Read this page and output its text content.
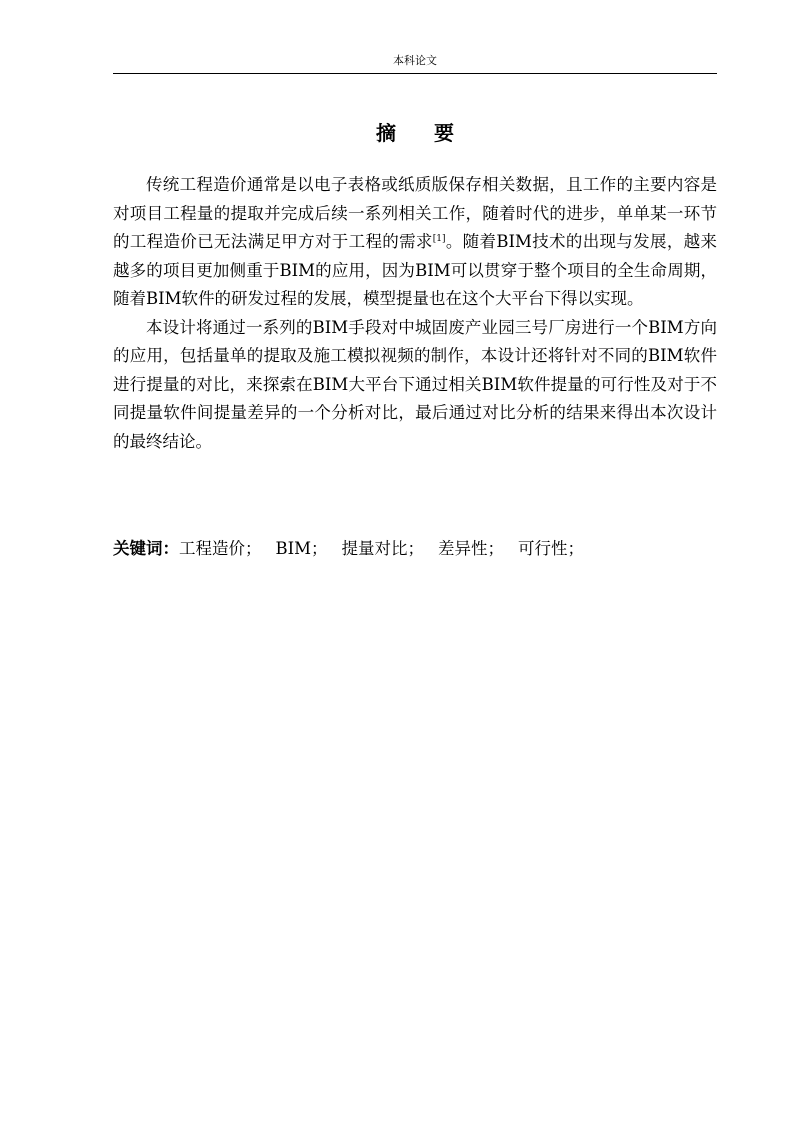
本科论文
摘 要

传统工程造价通常是以电子表格或纸质版保存相关数据，且工作的主要内容是对项目工程量的提取并完成后续一系列相关工作，随着时代的进步，单单某一环节的工程造价已无法满足甲方对于工程的需求[1]。随着BIM技术的出现与发展，越来越多的项目更加侧重于BIM的应用，因为BIM可以贯穿于整个项目的全生命周期，随着BIM软件的研发过程的发展，模型提量也在这个大平台下得以实现。

本设计将通过一系列的BIM手段对中城固废产业园三号厂房进行一个BIM方向的应用，包括量单的提取及施工模拟视频的制作，本设计还将针对不同的BIM软件进行提量的对比，来探索在BIM大平台下通过相关BIM软件提量的可行性及对于不同提量软件间提量差异的一个分析对比，最后通过对比分析的结果来得出本次设计的最终结论。

关键词：工程造价； BIM； 提量对比； 差异性； 可行性；
